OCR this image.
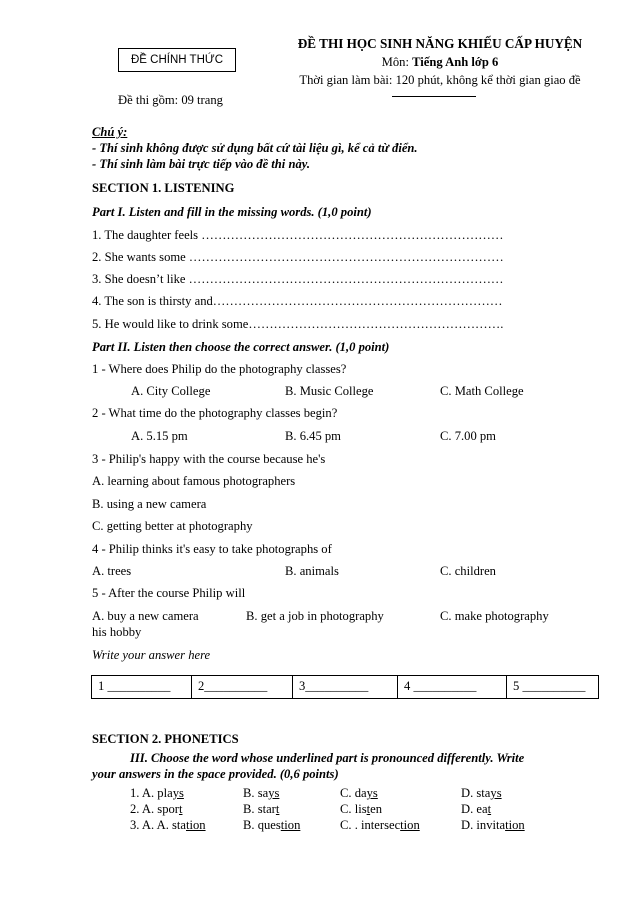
ĐỀ CHÍNH THỨC
ĐỀ THI HỌC SINH NĂNG KHIẾU CẤP HUYỆN
Môn: Tiếng Anh lớp 6
Thời gian làm bài: 120 phút, không kể thời gian giao đề
Đề thi gồm: 09 trang
Chú ý:
- Thí sinh không được sử dụng bất cứ tài liệu gì, kể cả từ điển.
- Thí sinh làm bài trực tiếp vào đề thi này.
SECTION 1. LISTENING
Part I. Listen and fill in the missing words. (1,0 point)
1. The daughter feels ………………………………………………………………
2. She wants some …………………………………………………………………
3. She doesn’t like …………………………………………………………………
4. The son is thirsty and……………………………………………………………
5. He would like to drink some…………………………………………………….
Part II. Listen then choose the correct answer. (1,0 point)
1 - Where does Philip do the photography classes?
A. City College	B. Music College	C. Math College
2 - What time do the photography classes begin?
A. 5.15 pm	B. 6.45 pm	C. 7.00 pm
3 - Philip's happy with the course because he's
A. learning about famous photographers
B. using a new camera
C. getting better at photography
4 - Philip thinks it's easy to take photographs of
A. trees	B. animals	C. children
5 - After the course Philip will
A. buy a new camera	B. get a job in photography	C. make photography
his hobby
Write your answer here
1 __________	2__________	3__________	4 __________	5 __________
SECTION 2. PHONETICS
III. Choose the word whose underlined part is pronounced differently. Write
your answers in the space provided. (0,6 points)
1. A. plays	B. says	C. days	D. stays
2. A. sport	B. start	C. listen	D. eat
3. A. A. station	B. question	C. . intersection	D. invitation
